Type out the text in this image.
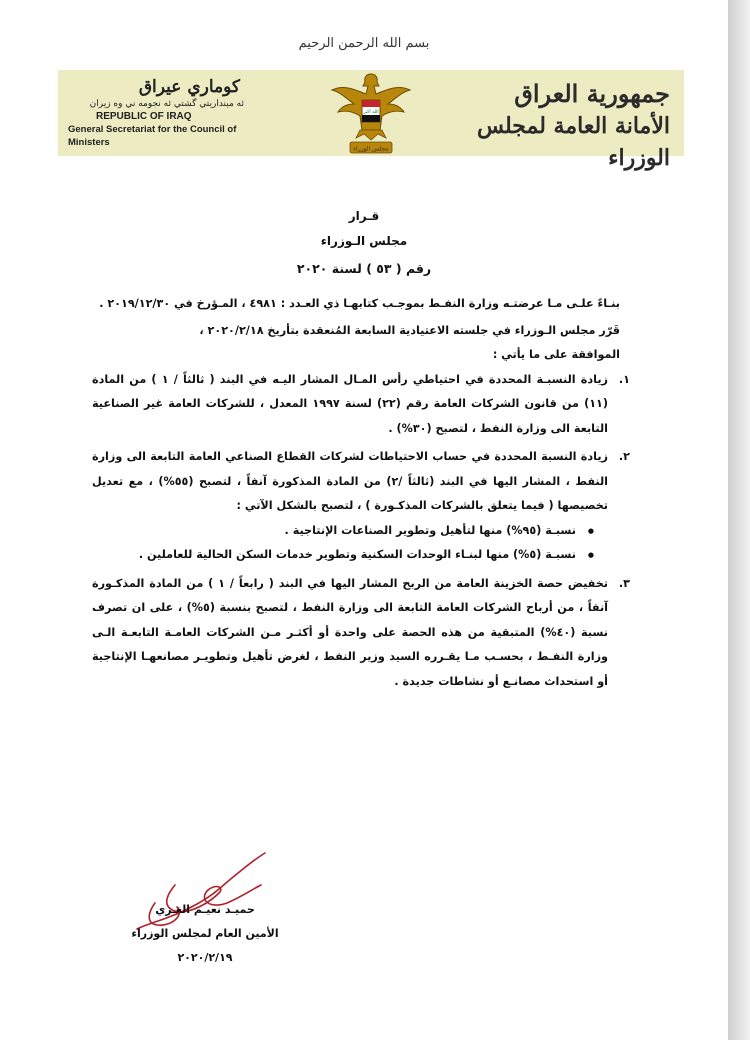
بسم الله الرحمن الرحيم
جمهورية العراق
الأمانة العامة لمجلس الوزراء
الله أكبر
مجلس الوزراء
كوماري عيراق
ئه مينداريتي گشتي ئه نجومه ني وه زيران
REPUBLIC OF IRAQ
General Secretariat for the Council of Ministers
قـرار
مجلس الـوزراء
رقم ( ٥٣ ) لسنة ٢٠٢٠

بنـاءً علـى مـا عرضتـه وزارة النفـط بموجـب كتابهـا ذي العـدد : ٤٩٨١ ، المـؤرخ في ٢٠١٩/١٢/٣٠ .

قَرّر مجلس الـوزراء في جلسته الاعتيادية السابعة المُنعقدة بتأريخ ٢٠٢٠/٢/١٨ ،

الموافقة على ما يأتي :

١.
زيادة النسبـة المحددة في احتياطي رأس المـال المشار اليـه في البند ( ثالثاً / ١ ) من المادة (١١) من قانون الشركات العامة رقم (٢٢) لسنة ١٩٩٧ المعدل ، للشركات العامة غير الصناعية التابعة الى وزارة النفط ، لتصبح (٣٠%) .
٢.
زيادة النسبة المحددة في حساب الاحتياطات لشركات القطاع الصناعي العامة التابعة الى وزارة النفط ، المشار اليها في البند (ثالثاً /٢) من المادة المذكورة آنفاً ، لتصبح (٥٥%) ، مع تعديل تخصيصها ( فيما يتعلق بالشركات المذكـورة ) ، لتصبح بالشكل الآتي :
● نسبـة (٩٥%) منها لتأهيل وتطوير الصناعات الإنتاجية .
● نسبـة (٥%) منها لبنـاء الوحدات السكنية وتطوير خدمات السكن الحالية للعاملين .
٣.
تخفيض حصة الخزينة العامة من الربح المشار اليها في البند ( رابعاً / ١ ) من المادة المذكـورة آنفاً ، من أرباح الشركات العامة التابعة الى وزارة النفط ، لتصبح بنسبة (٥%) ، على ان تصرف نسبة (٤٠%) المتبقية من هذه الحصة على واحدة أو أكثـر مـن الشركات العامـة التابعـة الـى وزارة النفـط ، بحسـب مـا يقـرره السيد وزير النفط ، لغرض تأهيل وتطويـر مصانعهـا الإنتاجية أو استحداث مصانـع أو نشاطات جديدة .
حميـد نعيـم الغـزي
الأمين العام لمجلس الوزراء
٢٠٢٠/٢/١٩
